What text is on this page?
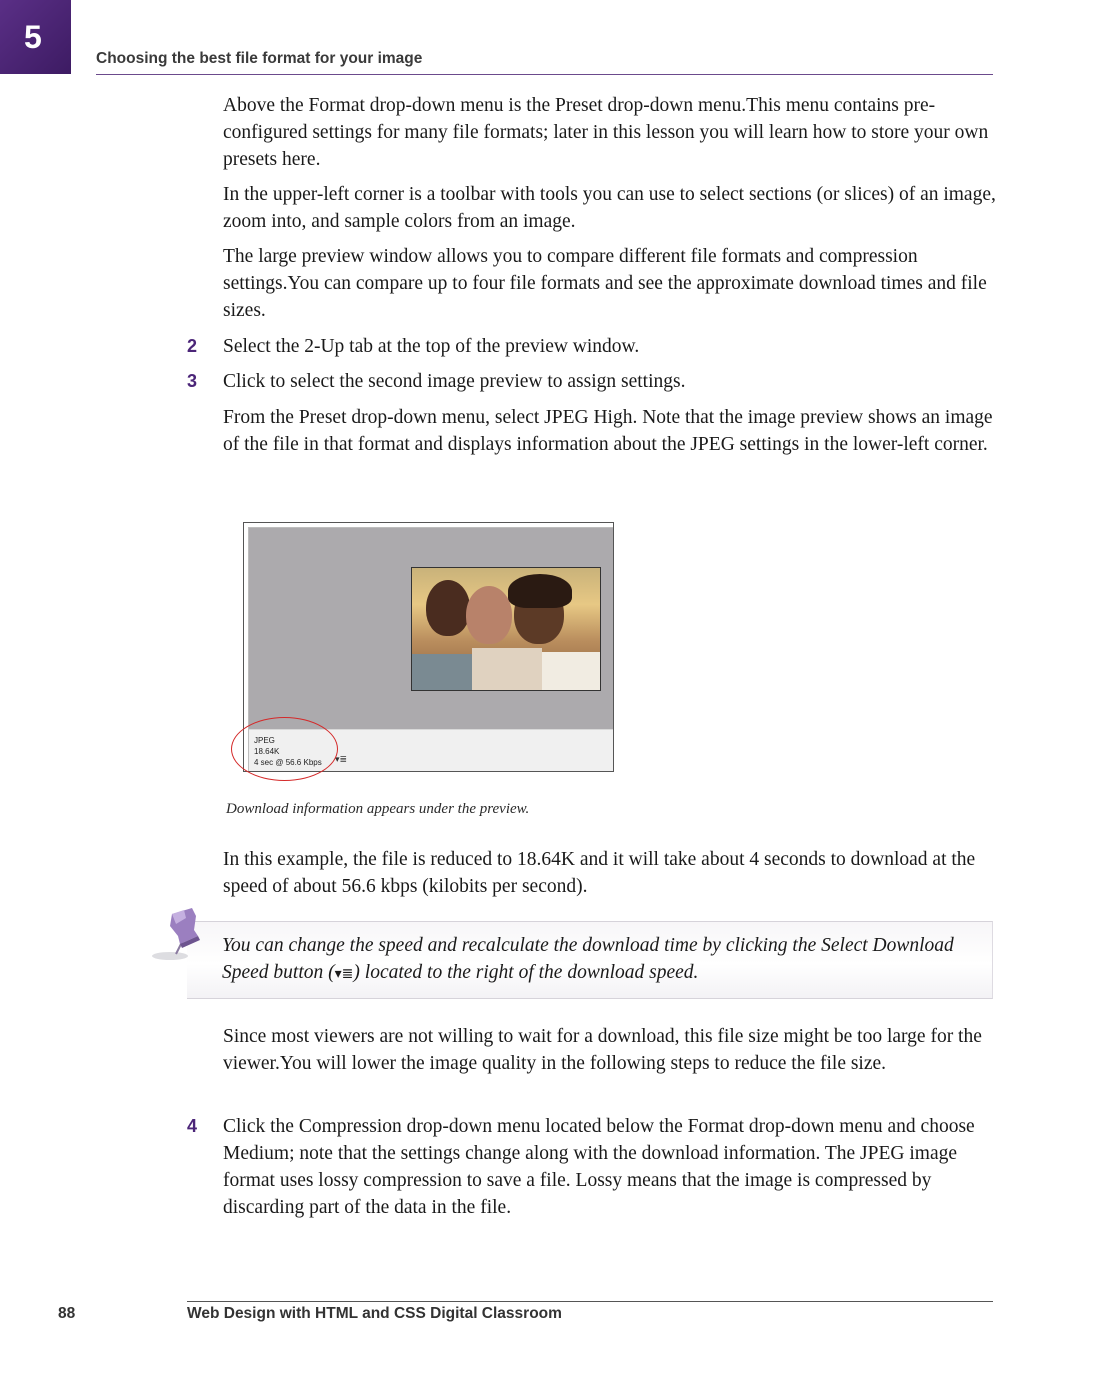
5
Choosing the best file format for your image

Above the Format drop-down menu is the Preset drop-down menu.This menu contains pre-configured settings for many file formats; later in this lesson you will learn how to store your own presets here.

In the upper-left corner is a toolbar with tools you can use to select sections (or slices) of an image, zoom into, and sample colors from an image.

The large preview window allows you to compare different file formats and compression settings.You can compare up to four file formats and see the approximate download times and file sizes.

2 Select the 2-Up tab at the top of the preview window.

3 Click to select the second image preview to assign settings.

From the Preset drop-down menu, select JPEG High. Note that the image preview shows an image of the file in that format and displays information about the JPEG settings in the lower-left corner.

JPEG
18.64K
4 sec @ 56.6 Kbps ▾≣
Download information appears under the preview.

In this example, the file is reduced to 18.64K and it will take about 4 seconds to download at the speed of about 56.6 kbps (kilobits per second).

You can change the speed and recalculate the download time by clicking the Select Download Speed button (▾≣) located to the right of the download speed.

Since most viewers are not willing to wait for a download, this file size might be too large for the viewer.You will lower the image quality in the following steps to reduce the file size.

4 Click the Compression drop-down menu located below the Format drop-down menu and choose Medium; note that the settings change along with the download information. The JPEG image format uses lossy compression to save a file. Lossy means that the image is compressed by discarding part of the data in the file.

88	Web Design with HTML and CSS Digital Classroom
